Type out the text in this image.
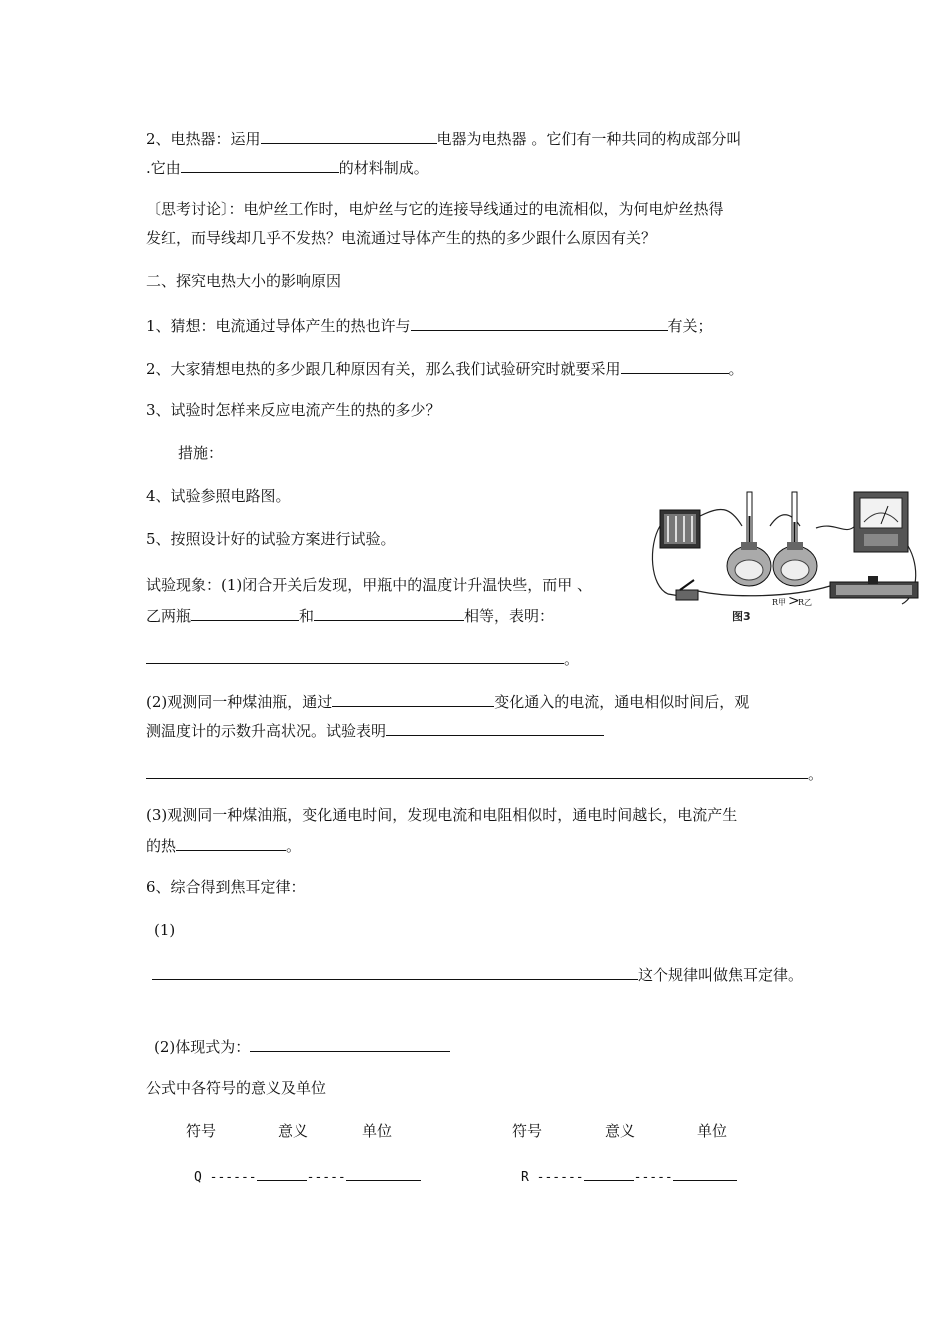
2、电热器：运用	电器为电热器 。它们有一种共同的构成部分叫
.它由	的材料制成。
〔思考讨论〕：电炉丝工作时，电炉丝与它的连接导线通过的电流相似，为何电炉丝热得
发红，而导线却几乎不发热？电流通过导体产生的热的多少跟什么原因有关？
二、探究电热大小的影响原因
1、猜想：电流通过导体产生的热也许与	有关；
2、大家猜想电热的多少跟几种原因有关，那么我们试验研究时就要采用	。
3、试验时怎样来反应电流产生的热的多少？
措施：
4、试验参照电路图。
5、按照设计好的试验方案进行试验。
试验现象：(1)闭合开关后发现，甲瓶中的温度计升温快些，而甲 、
乙两瓶	和	相等，表明：
。
(2)观测同一种煤油瓶，通过	变化通入的电流，通电相似时间后，观
测温度计的示数升高状况。试验表明
。
(3)观测同一种煤油瓶，变化通电时间，发现电流和电阻相似时，通电时间越长，电流产生
的热	。
6、综合得到焦耳定律：
(1)
这个规律叫做焦耳定律。
(2)体现式为：
公式中各符号的意义及单位
符号	意义	单位	符号	意义	单位
Q ------	-----	R ------	-----
R甲 >
R乙
图3
